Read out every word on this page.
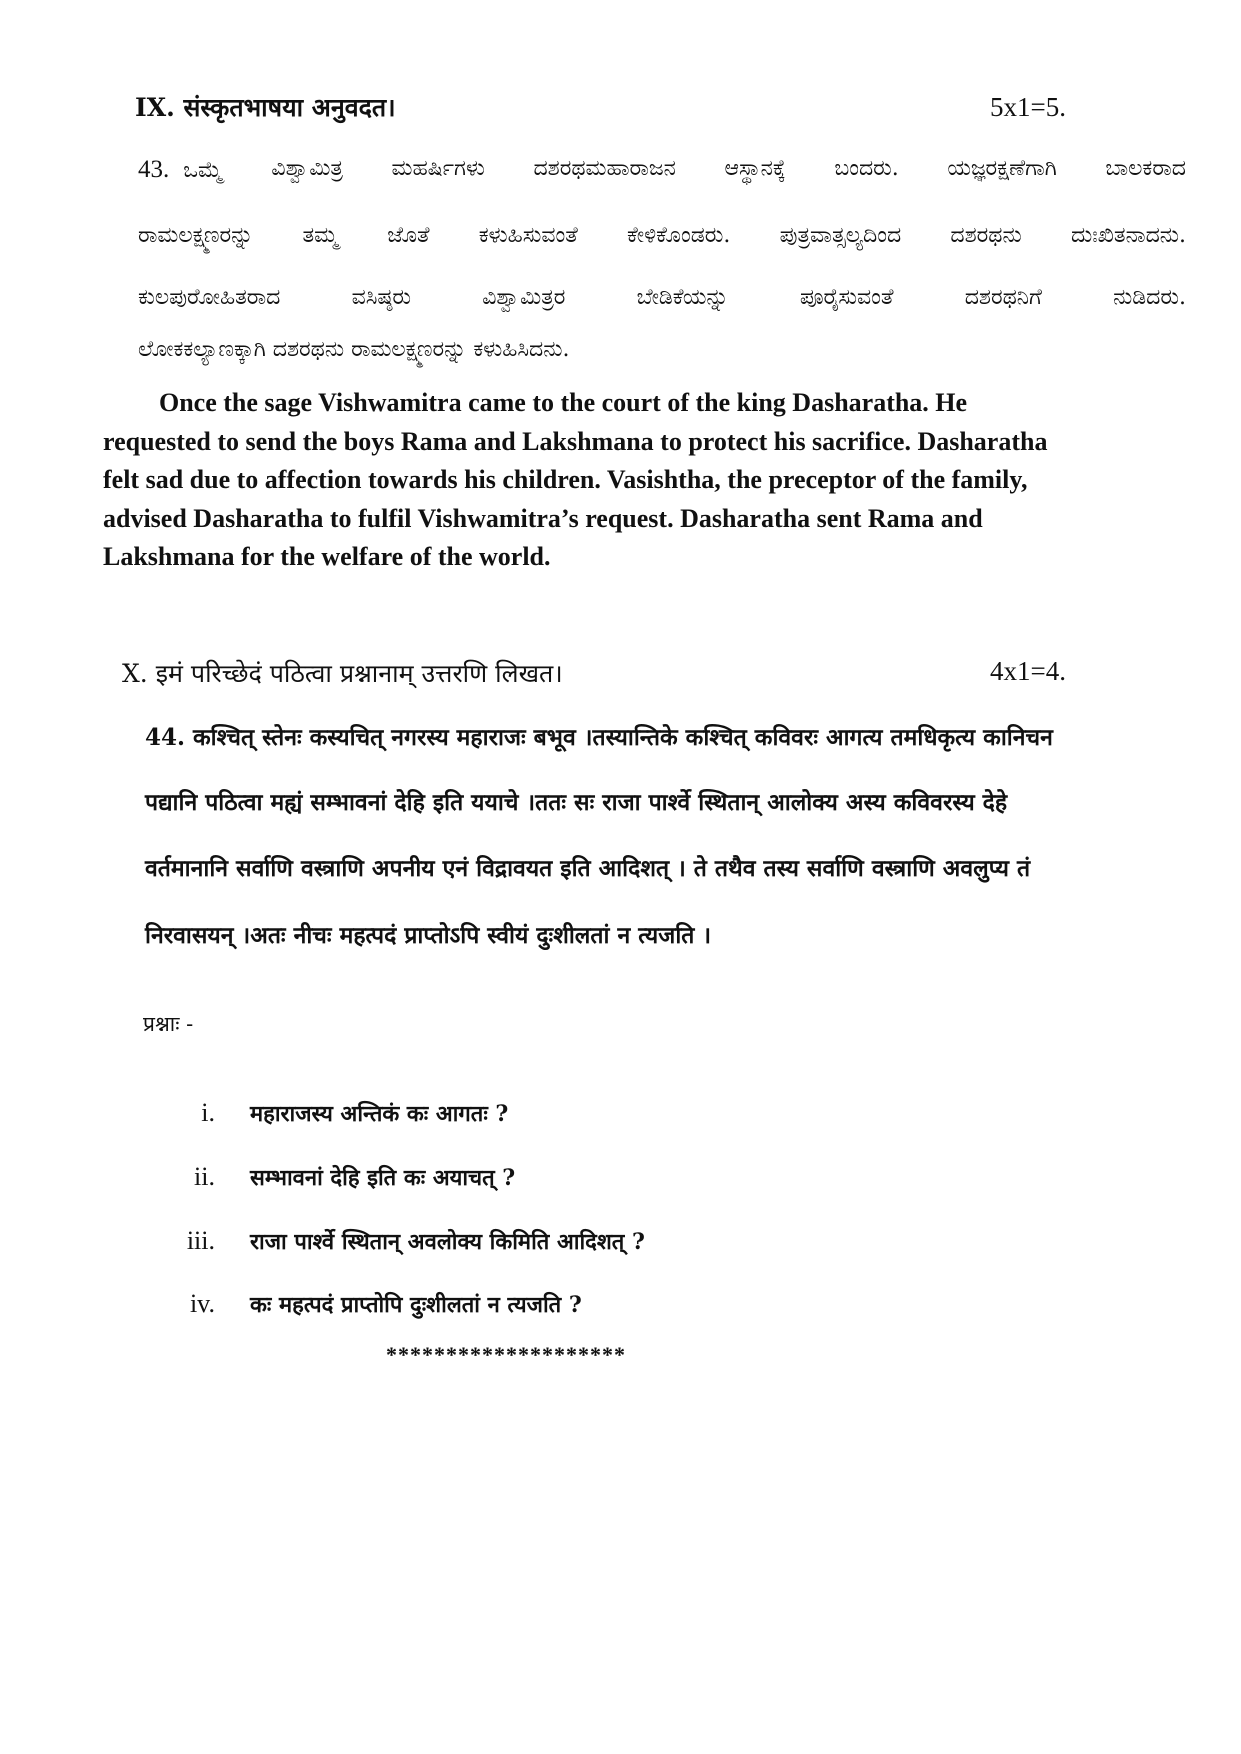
IX. संस्कृतभाषया अनुवदत।	5x1=5.
43. ಒಮ್ಮೆ ವಿಶ್ವಾಮಿತ್ರ ಮಹರ್ಷಿಗಳು ದಶರಥಮಹಾರಾಜನ ಆಸ್ಥಾನಕ್ಕೆ ಬಂದರು. ಯಜ್ಞರಕ್ಷಣೆಗಾಗಿ ಬಾಲಕರಾದ
ರಾಮಲಕ್ಷ್ಮಣರನ್ನು ತಮ್ಮ ಜೊತೆ ಕಳುಹಿಸುವಂತೆ ಕೇಳಿಕೊಂಡರು. ಪುತ್ರವಾತ್ಸಲ್ಯದಿಂದ ದಶರಥನು ದುಃಖಿತನಾದನು.
ಕುಲಪುರೋಹಿತರಾದ	ವಸಿಷ್ಠರು	ವಿಶ್ವಾಮಿತ್ರರ	ಬೇಡಿಕೆಯನ್ನು	ಪೂರೈಸುವಂತೆ	ದಶರಥನಿಗೆ	ನುಡಿದರು.
ಲೋಕಕಲ್ಯಾಣಕ್ಕಾಗಿ ದಶರಥನು ರಾಮಲಕ್ಷ್ಮಣರನ್ನು ಕಳುಹಿಸಿದನು.

Once the sage Vishwamitra came to the court of the king Dasharatha. He

requested to send the boys Rama and Lakshmana to protect his sacrifice. Dasharatha

felt sad due to affection towards his children. Vasishtha, the preceptor of the family,

advised Dasharatha to fulfil Vishwamitra’s request. Dasharatha sent Rama and

Lakshmana for the welfare of the world.

X. इमं परिच्छेदं पठित्वा प्रश्नानाम् उत्तरणि लिखत।	4x1=4.
44. कश्चित् स्तेनः कस्यचित् नगरस्य महाराजः बभूव ।तस्यान्तिके कश्चित् कविवरः आगत्य तमधिकृत्य कानिचन
पद्यानि पठित्वा मह्यं सम्भावनां देहि इति ययाचे ।ततः सः राजा पार्श्वे स्थितान् आलोक्य अस्य कविवरस्य देहे
वर्तमानानि सर्वाणि वस्त्राणि अपनीय एनं विद्रावयत इति आदिशत् । ते तथैव तस्य सर्वाणि वस्त्राणि अवलुप्य तं
निरवासयन् ।अतः नीचः महत्पदं प्राप्तोऽपि स्वीयं दुःशीलतां न त्यजति ।
प्रश्नाः -
i. महाराजस्य अन्तिकं कः आगतः ?
ii. सम्भावनां देहि इति कः अयाचत् ?
iii. राजा पार्श्वे स्थितान् अवलोक्य किमिति आदिशत् ?
iv. कः महत्पदं प्राप्तोपि दुःशीलतां न त्यजति ?
********************
